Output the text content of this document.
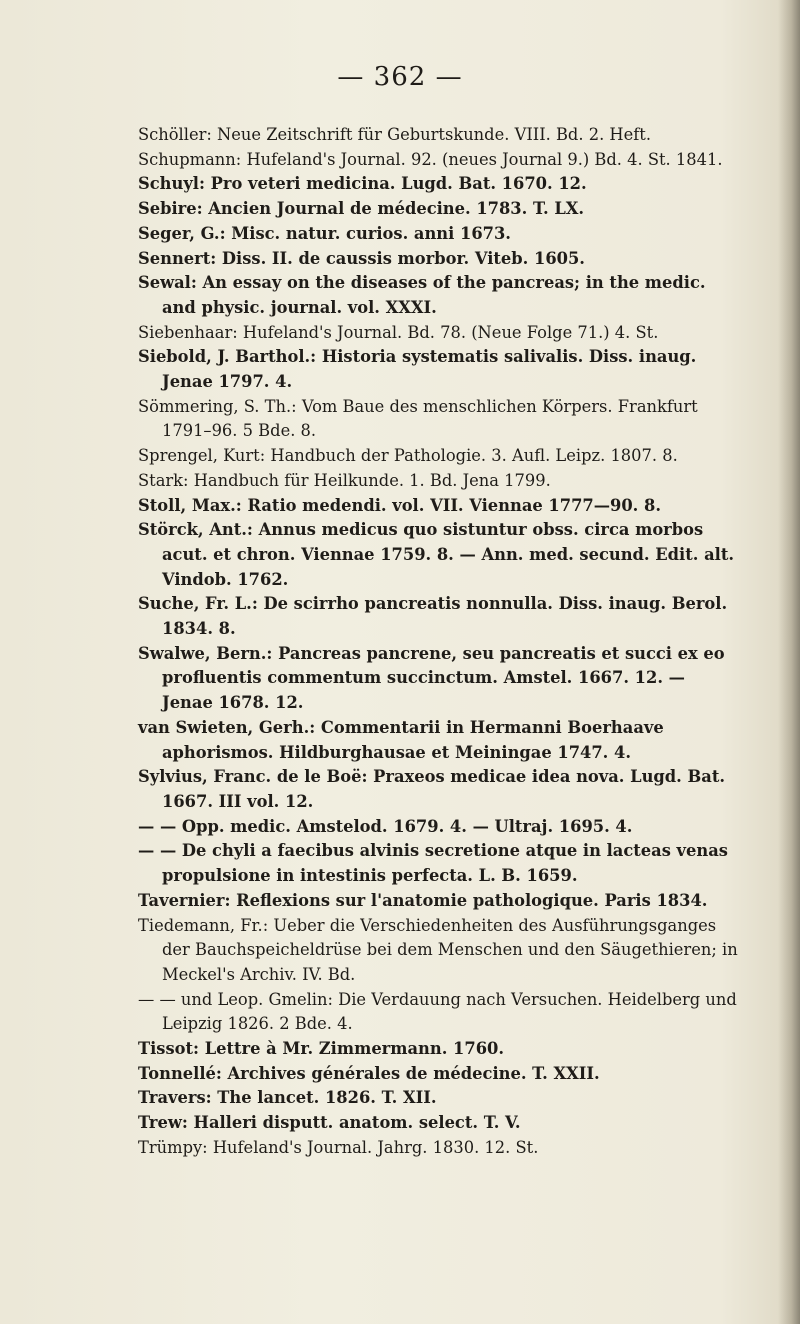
— 362 —

Schöller: Neue Zeitschrift für Geburtskunde. VIII. Bd. 2. Heft.

Schupmann: Hufeland's Journal. 92. (neues Journal 9.) Bd. 4. St. 1841.

Schuyl: Pro veteri medicina. Lugd. Bat. 1670. 12.

Sebire: Ancien Journal de médecine. 1783. T. LX.

Seger, G.: Misc. natur. curios. anni 1673.

Sennert: Diss. II. de caussis morbor. Viteb. 1605.

Sewal: An essay on the diseases of the pancreas; in the medic. and physic. journal. vol. XXXI.

Siebenhaar: Hufeland's Journal. Bd. 78. (Neue Folge 71.) 4. St.

Siebold, J. Barthol.: Historia systematis salivalis. Diss. inaug. Jenae 1797. 4.

Sömmering, S. Th.: Vom Baue des menschlichen Körpers. Frankfurt 1791–96. 5 Bde. 8.

Sprengel, Kurt: Handbuch der Pathologie. 3. Aufl. Leipz. 1807. 8.

Stark: Handbuch für Heilkunde. 1. Bd. Jena 1799.

Stoll, Max.: Ratio medendi. vol. VII. Viennae 1777—90. 8.

Störck, Ant.: Annus medicus quo sistuntur obss. circa morbos acut. et chron. Viennae 1759. 8. — Ann. med. secund. Edit. alt. Vindob. 1762.

Suche, Fr. L.: De scirrho pancreatis nonnulla. Diss. inaug. Berol. 1834. 8.

Swalwe, Bern.: Pancreas pancrene, seu pancreatis et succi ex eo profluentis commentum succinctum. Amstel. 1667. 12. — Jenae 1678. 12.

van Swieten, Gerh.: Commentarii in Hermanni Boerhaave aphorismos. Hildburghausae et Meiningae 1747. 4.

Sylvius, Franc. de le Boë: Praxeos medicae idea nova. Lugd. Bat. 1667. III vol. 12.

— — Opp. medic. Amstelod. 1679. 4. — Ultraj. 1695. 4.

— — De chyli a faecibus alvinis secretione atque in lacteas venas propulsione in intestinis perfecta. L. B. 1659.

Tavernier: Reflexions sur l'anatomie pathologique. Paris 1834.

Tiedemann, Fr.: Ueber die Verschiedenheiten des Ausführungsganges der Bauchspeicheldrüse bei dem Menschen und den Säugethieren; in Meckel's Archiv. IV. Bd.

— — und Leop. Gmelin: Die Verdauung nach Versuchen. Heidelberg und Leipzig 1826. 2 Bde. 4.

Tissot: Lettre à Mr. Zimmermann. 1760.

Tonnellé: Archives générales de médecine. T. XXII.

Travers: The lancet. 1826. T. XII.

Trew: Halleri disputt. anatom. select. T. V.

Trümpy: Hufeland's Journal. Jahrg. 1830. 12. St.
